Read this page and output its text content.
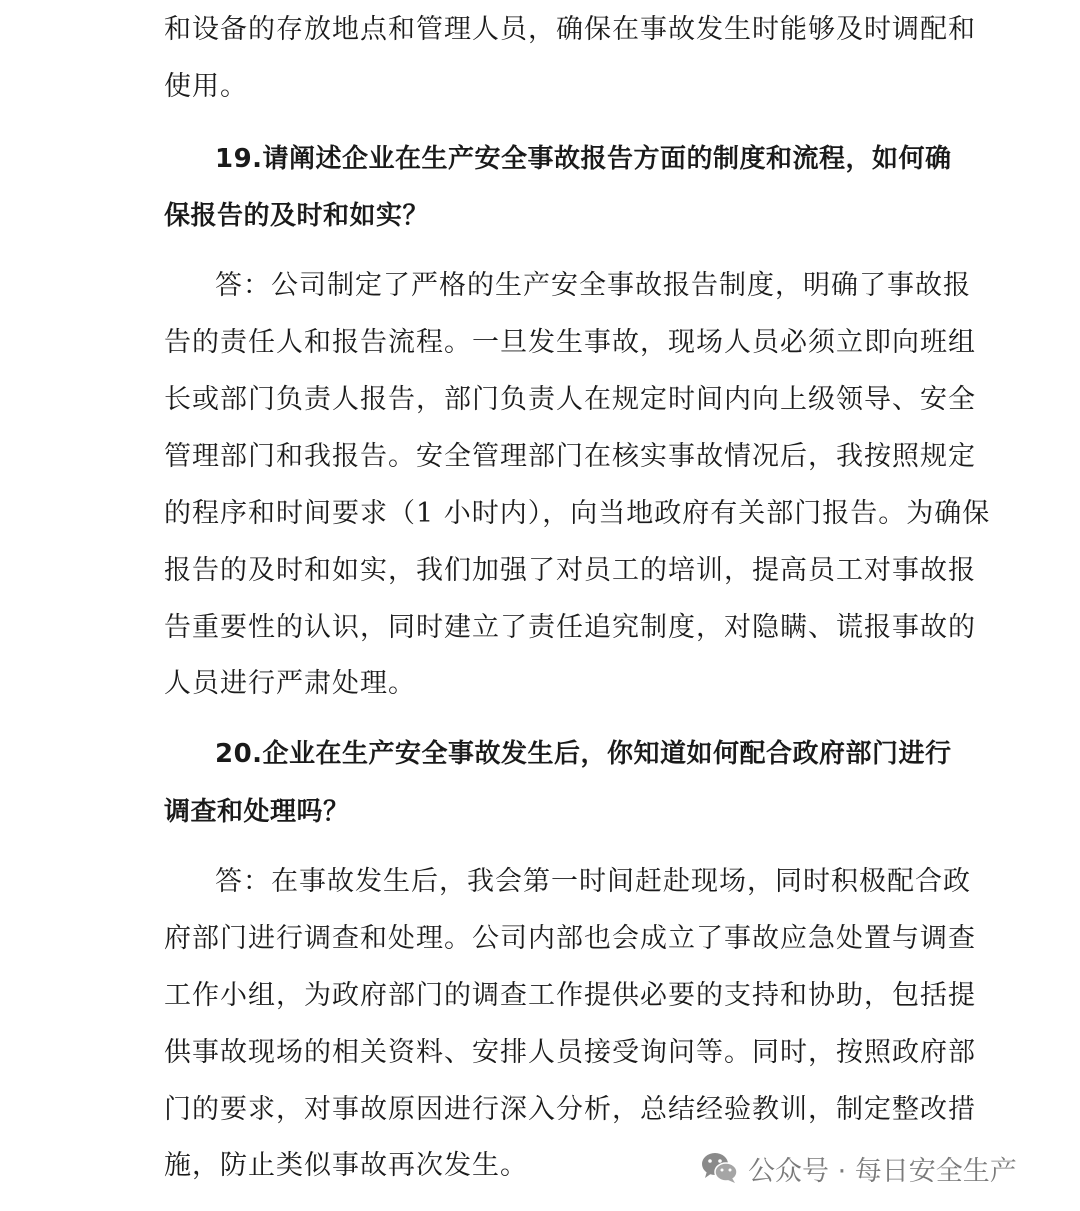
和设备的存放地点和管理人员，确保在事故发生时能够及时调配和
使用。
19.请阐述企业在生产安全事故报告方面的制度和流程，如何确
保报告的及时和如实？
答：公司制定了严格的生产安全事故报告制度，明确了事故报
告的责任人和报告流程。一旦发生事故，现场人员必须立即向班组
长或部门负责人报告，部门负责人在规定时间内向上级领导、安全
管理部门和我报告。安全管理部门在核实事故情况后，我按照规定
的程序和时间要求（1 小时内），向当地政府有关部门报告。为确保
报告的及时和如实，我们加强了对员工的培训，提高员工对事故报
告重要性的认识，同时建立了责任追究制度，对隐瞒、谎报事故的
人员进行严肃处理。
20.企业在生产安全事故发生后，你知道如何配合政府部门进行
调查和处理吗？
答：在事故发生后，我会第一时间赶赴现场，同时积极配合政
府部门进行调查和处理。公司内部也会成立了事故应急处置与调查
工作小组，为政府部门的调查工作提供必要的支持和协助，包括提
供事故现场的相关资料、安排人员接受询问等。同时，按照政府部
门的要求，对事故原因进行深入分析，总结经验教训，制定整改措
施，防止类似事故再次发生。	公众号 · 每日安全生产
